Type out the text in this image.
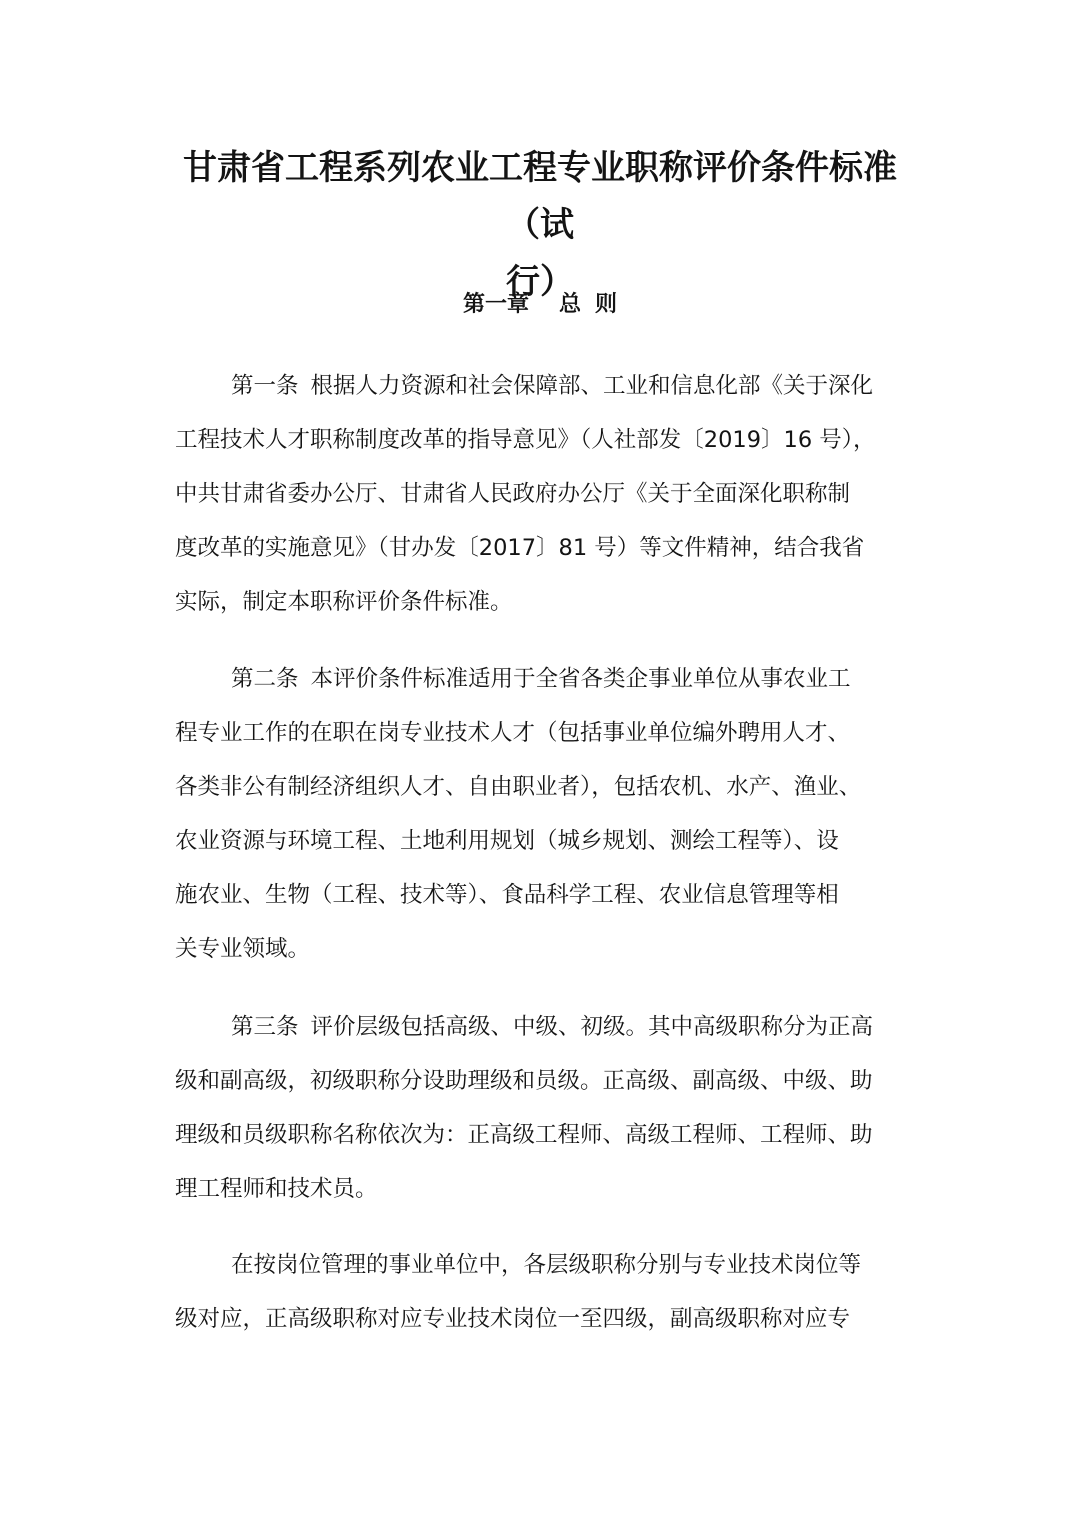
甘肃省工程系列农业工程专业职称评价条件标准（试
行）
第一章 总 则
第一条 根据人力资源和社会保障部、工业和信息化部《关于深化
工程技术人才职称制度改革的指导意见》（人社部发〔2019〕16 号），
中共甘肃省委办公厅、甘肃省人民政府办公厅《关于全面深化职称制
度改革的实施意见》（甘办发〔2017〕81 号）等文件精神，结合我省
实际，制定本职称评价条件标准。
第二条 本评价条件标准适用于全省各类企事业单位从事农业工
程专业工作的在职在岗专业技术人才（包括事业单位编外聘用人才、
各类非公有制经济组织人才、自由职业者），包括农机、水产、渔业、
农业资源与环境工程、土地利用规划（城乡规划、测绘工程等）、设
施农业、生物（工程、技术等）、食品科学工程、农业信息管理等相
关专业领域。
第三条 评价层级包括高级、中级、初级。其中高级职称分为正高
级和副高级，初级职称分设助理级和员级。正高级、副高级、中级、助
理级和员级职称名称依次为：正高级工程师、高级工程师、工程师、助
理工程师和技术员。
在按岗位管理的事业单位中，各层级职称分别与专业技术岗位等
级对应，正高级职称对应专业技术岗位一至四级，副高级职称对应专
